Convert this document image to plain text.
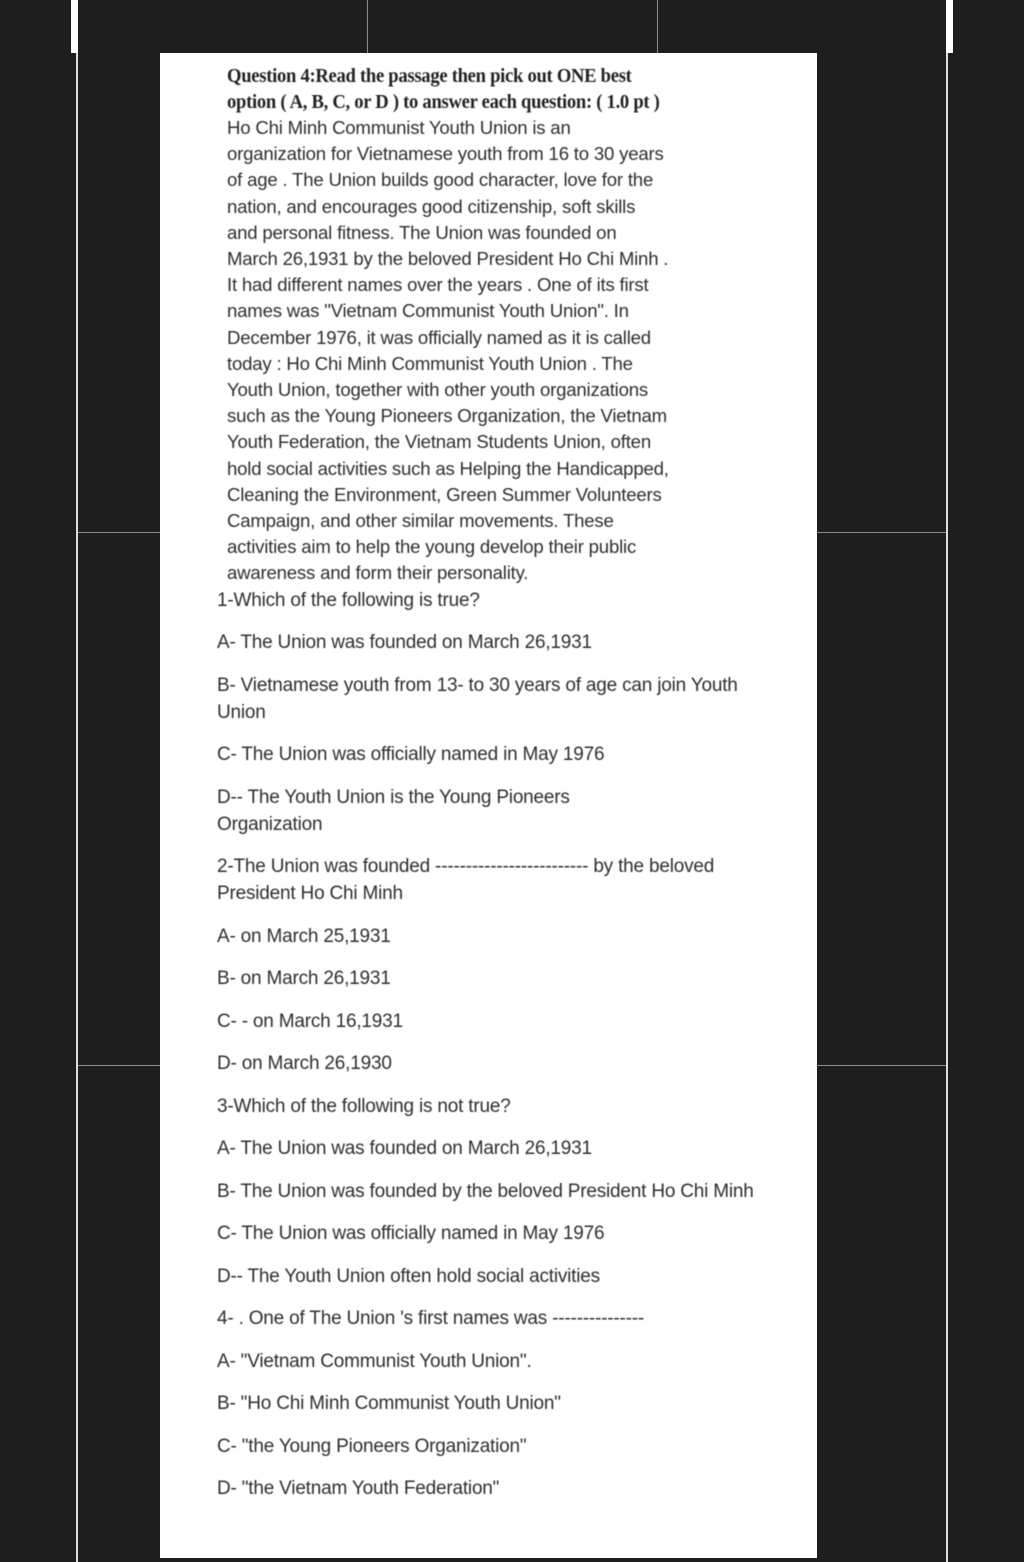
Question 4:Read the passage then pick out ONE best
option ( A, B, C, or D ) to answer each question: ( 1.0 pt )
Ho Chi Minh Communist Youth Union is an
organization for Vietnamese youth from 16 to 30 years
of age . The Union builds good character, love for the
nation, and encourages good citizenship, soft skills
and personal fitness. The Union was founded on
March 26,1931 by the beloved President Ho Chi Minh .
It had different names over the years . One of its first
names was "Vietnam Communist Youth Union". In
December 1976, it was officially named as it is called
today : Ho Chi Minh Communist Youth Union . The
Youth Union, together with other youth organizations
such as the Young Pioneers Organization, the Vietnam
Youth Federation, the Vietnam Students Union, often
hold social activities such as Helping the Handicapped,
Cleaning the Environment, Green Summer Volunteers
Campaign, and other similar movements. These
activities aim to help the young develop their public
awareness and form their personality.
1-Which of the following is true?
A- The Union was founded on March 26,1931
B- Vietnamese youth from 13- to 30 years of age can join Youth Union
C- The Union was officially named in May 1976
D-- The Youth Union is the Young Pioneers Organization
2-The Union was founded ------------------------- by the beloved President Ho Chi Minh
A- on March 25,1931
B- on March 26,1931
C- - on March 16,1931
D- on March 26,1930
3-Which of the following is not true?
A- The Union was founded on March 26,1931
B- The Union was founded by the beloved President Ho Chi Minh
C- The Union was officially named in May 1976
D-- The Youth Union often hold social activities
4- . One of The Union 's first names was ---------------
A- "Vietnam Communist Youth Union".
B- "Ho Chi Minh Communist Youth Union"
C- "the Young Pioneers Organization"
D- "the Vietnam Youth Federation"
